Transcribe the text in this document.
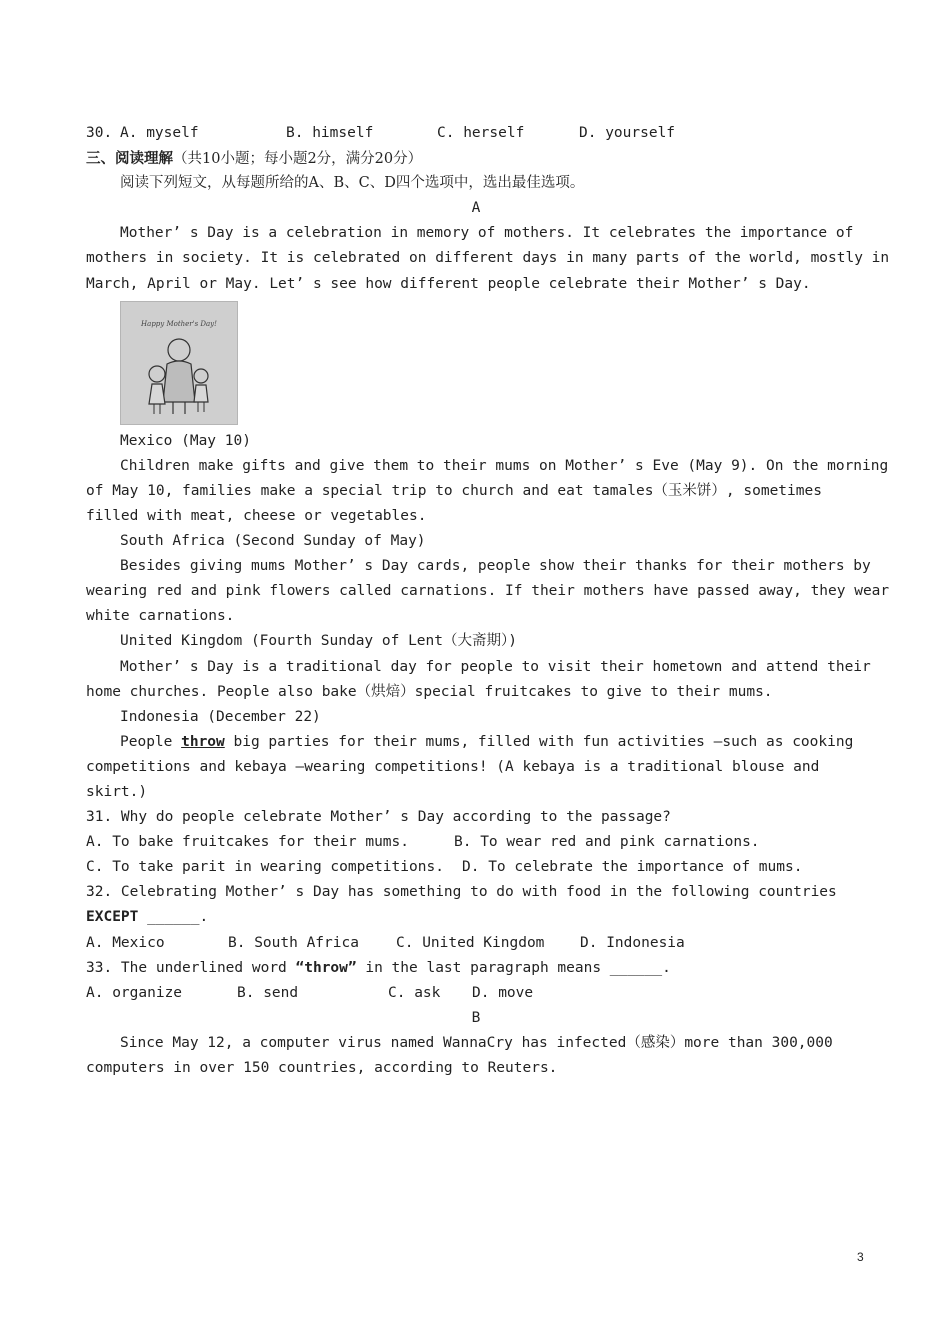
30. A. myself	B. himself	C. herself	D. yourself
三、阅读理解（共10小题；每小题2分，满分20分）
阅读下列短文，从每题所给的A、B、C、D四个选项中，选出最佳选项。
A
Mother’ s Day is a celebration in memory of mothers. It celebrates the importance of
mothers in society. It is celebrated on different days in many parts of the world, mostly in
March, April or May. Let’ s see how different people celebrate their Mother’ s Day.
Happy Mother's Day!
Mexico (May 10)
Children make gifts and give them to their mums on Mother’ s Eve (May 9). On the morning
of May 10, families make a special trip to church and eat tamales（玉米饼）, sometimes
filled with meat, cheese or vegetables.
South Africa (Second Sunday of May)
Besides giving mums Mother’ s Day cards, people show their thanks for their mothers by
wearing red and pink flowers called carnations. If their mothers have passed away, they wear
white carnations.
United Kingdom (Fourth Sunday of Lent（大斋期）)
Mother’ s Day is a traditional day for people to visit their hometown and attend their
home churches. People also bake（烘焙）special fruitcakes to give to their mums.
Indonesia (December 22)
People throw big parties for their mums, filled with fun activities –such as cooking
competitions and kebaya –wearing competitions! (A kebaya is a traditional blouse and
skirt.)
31. Why do people celebrate Mother’ s Day according to the passage?
A. To bake fruitcakes for their mums.	B. To wear red and pink carnations.
C. To take parit in wearing competitions.	D. To celebrate the importance of mums.
32. Celebrating Mother’ s Day has something to do with food in the following countries
EXCEPT ______.
A. Mexico	B. South Africa	C. United Kingdom	D. Indonesia
33. The underlined word “throw” in the last paragraph means ______.
A. organize	B. send	C. ask	D. move
B
Since May 12, a computer virus named WannaCry has infected（感染）more than 300,000
computers in over 150 countries, according to Reuters.
3
